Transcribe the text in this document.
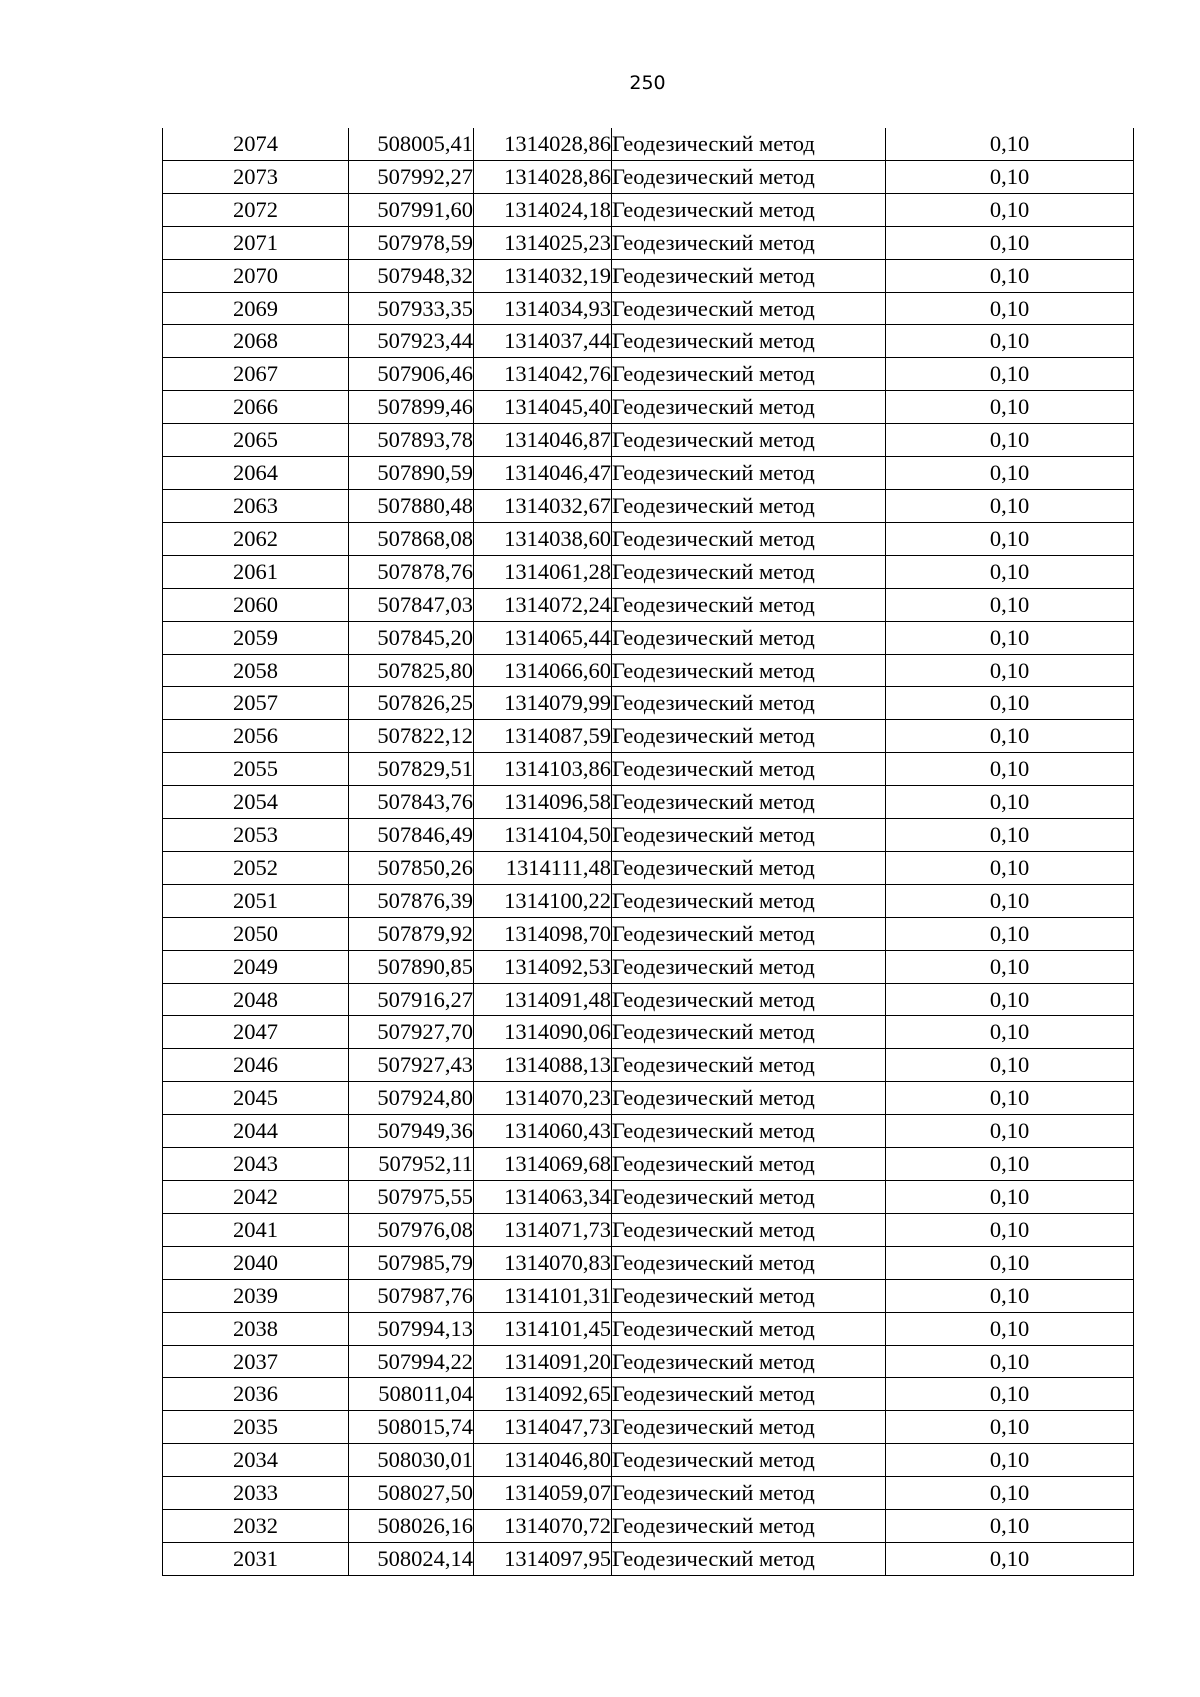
250
2074	508005,41	1314028,86	Геодезический метод	0,10
2073	507992,27	1314028,86	Геодезический метод	0,10
2072	507991,60	1314024,18	Геодезический метод	0,10
2071	507978,59	1314025,23	Геодезический метод	0,10
2070	507948,32	1314032,19	Геодезический метод	0,10
2069	507933,35	1314034,93	Геодезический метод	0,10
2068	507923,44	1314037,44	Геодезический метод	0,10
2067	507906,46	1314042,76	Геодезический метод	0,10
2066	507899,46	1314045,40	Геодезический метод	0,10
2065	507893,78	1314046,87	Геодезический метод	0,10
2064	507890,59	1314046,47	Геодезический метод	0,10
2063	507880,48	1314032,67	Геодезический метод	0,10
2062	507868,08	1314038,60	Геодезический метод	0,10
2061	507878,76	1314061,28	Геодезический метод	0,10
2060	507847,03	1314072,24	Геодезический метод	0,10
2059	507845,20	1314065,44	Геодезический метод	0,10
2058	507825,80	1314066,60	Геодезический метод	0,10
2057	507826,25	1314079,99	Геодезический метод	0,10
2056	507822,12	1314087,59	Геодезический метод	0,10
2055	507829,51	1314103,86	Геодезический метод	0,10
2054	507843,76	1314096,58	Геодезический метод	0,10
2053	507846,49	1314104,50	Геодезический метод	0,10
2052	507850,26	1314111,48	Геодезический метод	0,10
2051	507876,39	1314100,22	Геодезический метод	0,10
2050	507879,92	1314098,70	Геодезический метод	0,10
2049	507890,85	1314092,53	Геодезический метод	0,10
2048	507916,27	1314091,48	Геодезический метод	0,10
2047	507927,70	1314090,06	Геодезический метод	0,10
2046	507927,43	1314088,13	Геодезический метод	0,10
2045	507924,80	1314070,23	Геодезический метод	0,10
2044	507949,36	1314060,43	Геодезический метод	0,10
2043	507952,11	1314069,68	Геодезический метод	0,10
2042	507975,55	1314063,34	Геодезический метод	0,10
2041	507976,08	1314071,73	Геодезический метод	0,10
2040	507985,79	1314070,83	Геодезический метод	0,10
2039	507987,76	1314101,31	Геодезический метод	0,10
2038	507994,13	1314101,45	Геодезический метод	0,10
2037	507994,22	1314091,20	Геодезический метод	0,10
2036	508011,04	1314092,65	Геодезический метод	0,10
2035	508015,74	1314047,73	Геодезический метод	0,10
2034	508030,01	1314046,80	Геодезический метод	0,10
2033	508027,50	1314059,07	Геодезический метод	0,10
2032	508026,16	1314070,72	Геодезический метод	0,10
2031	508024,14	1314097,95	Геодезический метод	0,10
